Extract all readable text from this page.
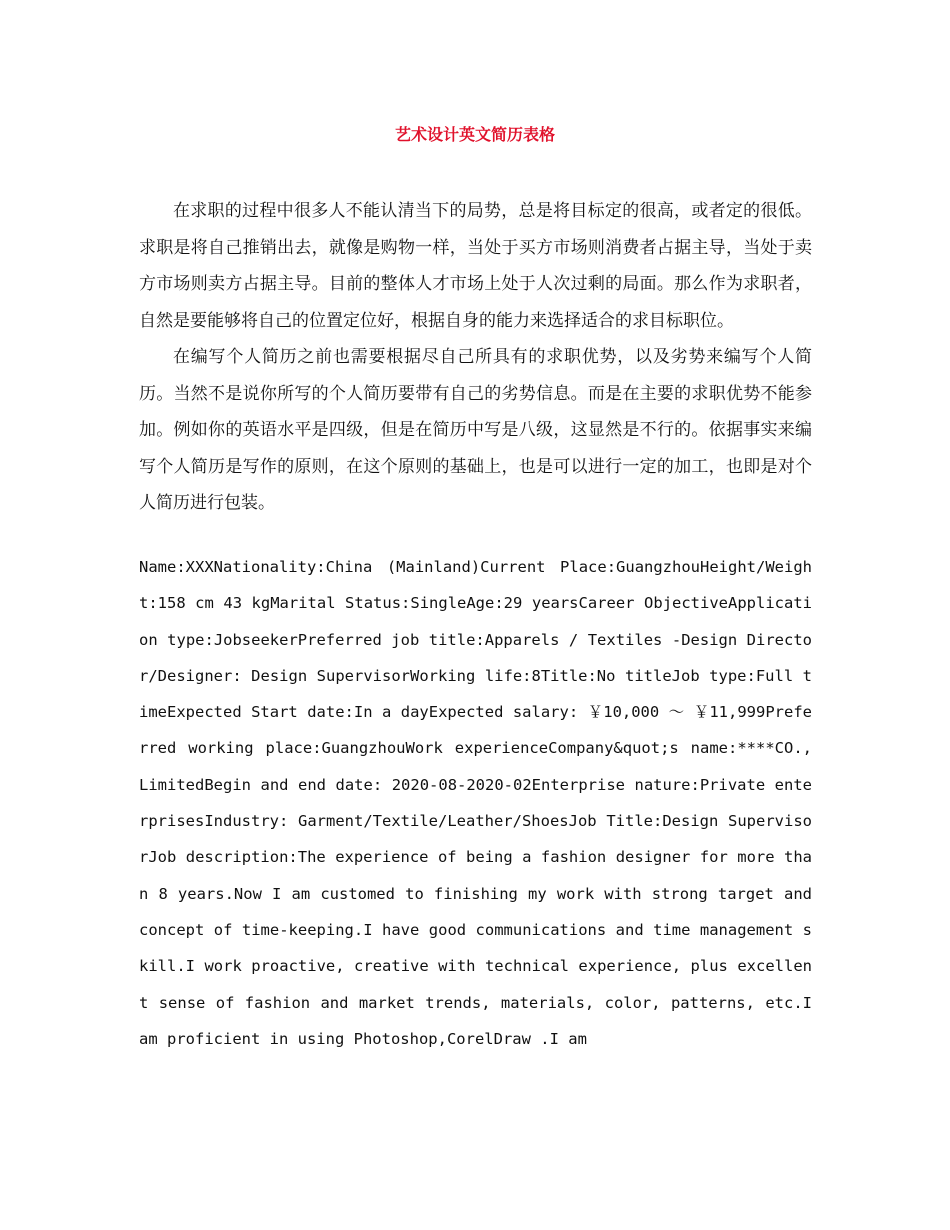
艺术设计英文简历表格

在求职的过程中很多人不能认清当下的局势，总是将目标定的很高，或者定的很低。求职是将自己推销出去，就像是购物一样，当处于买方市场则消费者占据主导，当处于卖方市场则卖方占据主导。目前的整体人才市场上处于人次过剩的局面。那么作为求职者，自然是要能够将自己的位置定位好，根据自身的能力来选择适合的求目标职位。

在编写个人简历之前也需要根据尽自己所具有的求职优势，以及劣势来编写个人简历。当然不是说你所写的个人简历要带有自己的劣势信息。而是在主要的求职优势不能参加。例如你的英语水平是四级，但是在简历中写是八级，这显然是不行的。依据事实来编写个人简历是写作的原则，在这个原则的基础上，也是可以进行一定的加工，也即是对个人简历进行包装。

Name:XXXNationality:China (Mainland)Current Place:GuangzhouHeight/Weight:158 cm 43 kgMarital Status:SingleAge:29 yearsCareer ObjectiveApplication type:JobseekerPreferred job title:Apparels / Textiles -Design Director/Designer: Design SupervisorWorking life:8Title:No titleJob type:Full timeExpected Start date:In a dayExpected salary: ￥10,000 ～ ￥11,999Preferred working place:GuangzhouWork experienceCompany&quot;s name:****CO., LimitedBegin and end date: 2020-08-2020-02Enterprise nature:Private enterprisesIndustry: Garment/Textile/Leather/ShoesJob Title:Design SupervisorJob description:The experience of being a fashion designer for more than 8 years.Now I am customed to finishing my work with strong target and concept of time-keeping.I have good communications and time management skill.I work proactive, creative with technical experience, plus excellent sense of fashion and market trends, materials, color, patterns, etc.I am proficient in using Photoshop,CorelDraw .I am
